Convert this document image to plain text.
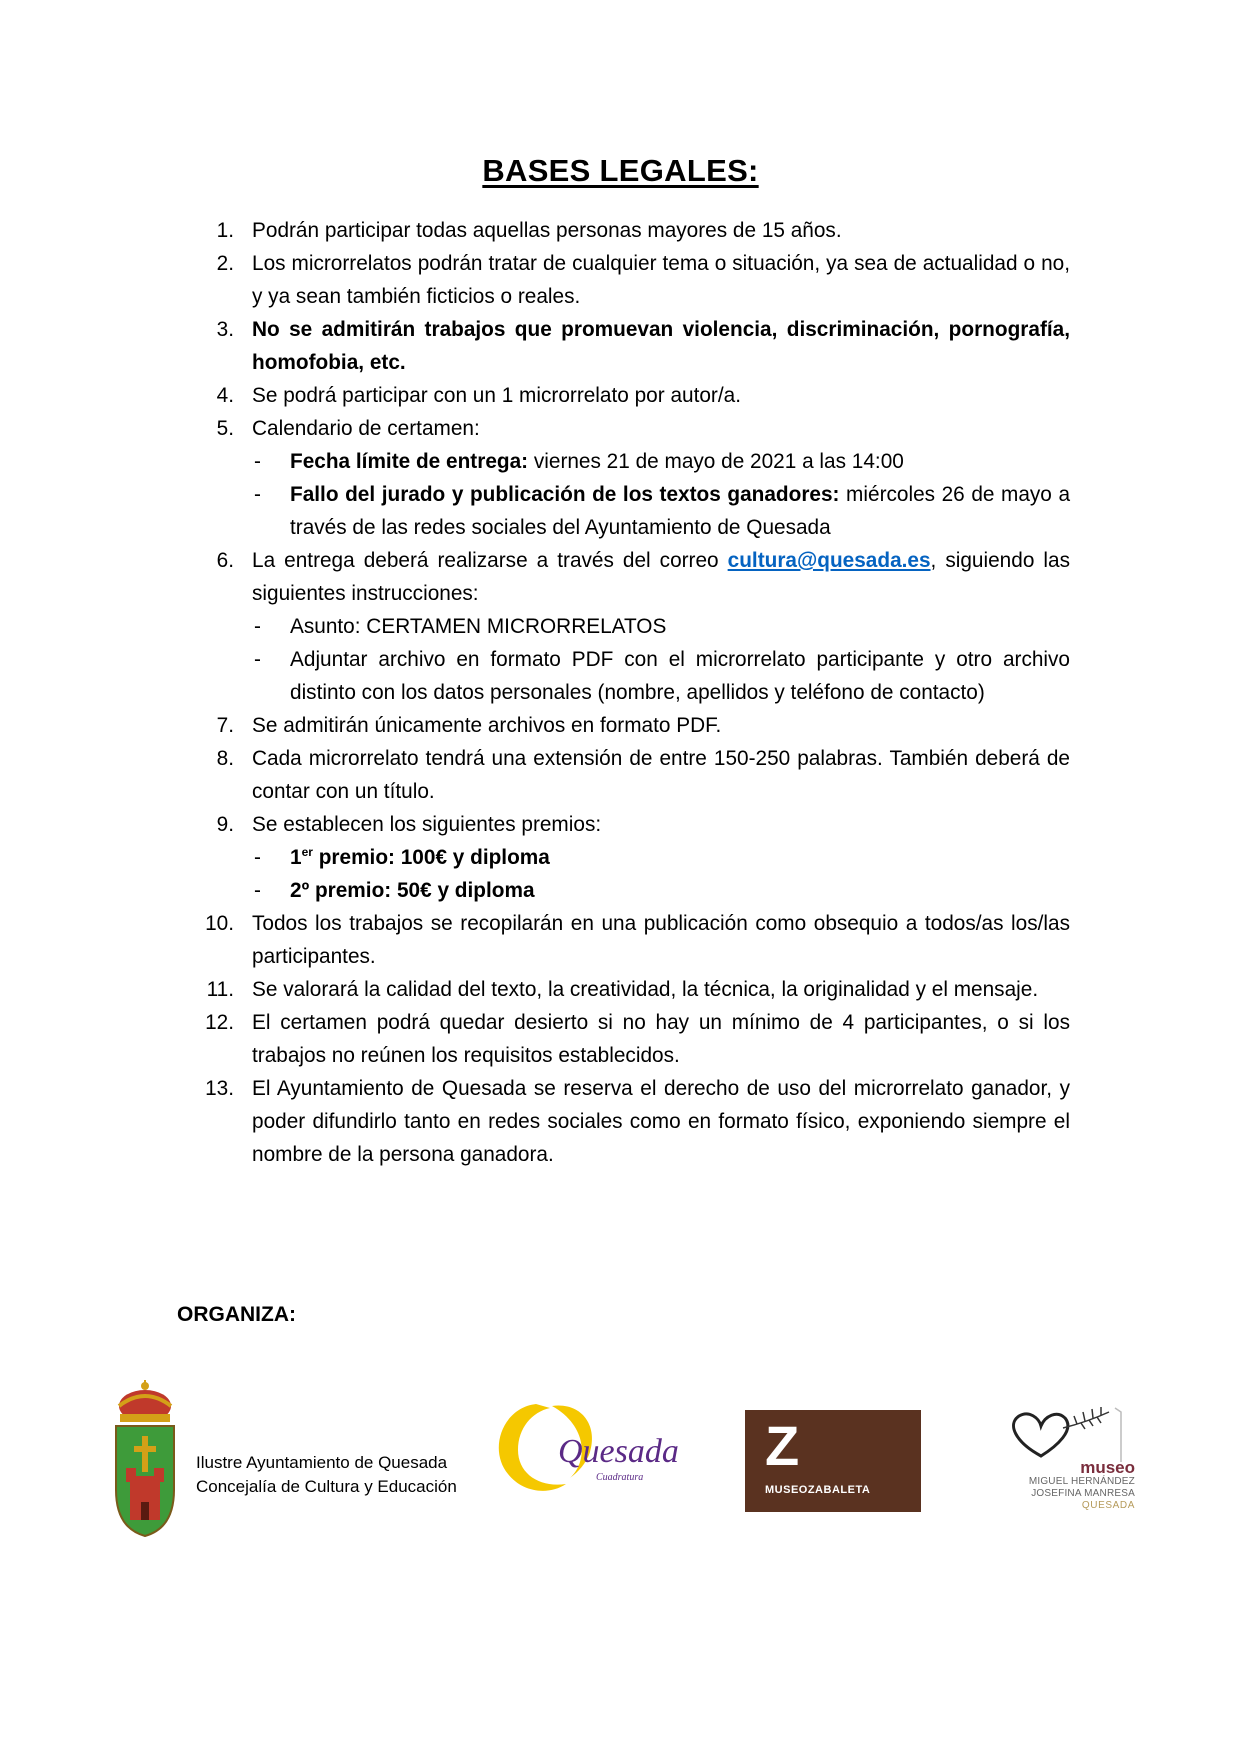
BASES LEGALES:
1. Podrán participar todas aquellas personas mayores de 15 años.
2. Los microrrelatos podrán tratar de cualquier tema o situación, ya sea de actualidad o no, y ya sean también ficticios o reales.
3. No se admitirán trabajos que promuevan violencia, discriminación, pornografía, homofobia, etc.
4. Se podrá participar con un 1 microrrelato por autor/a.
5. Calendario de certamen:
- Fecha límite de entrega: viernes 21 de mayo de 2021 a las 14:00
- Fallo del jurado y publicación de los textos ganadores: miércoles 26 de mayo a través de las redes sociales del Ayuntamiento de Quesada
6. La entrega deberá realizarse a través del correo cultura@quesada.es, siguiendo las siguientes instrucciones:
- Asunto: CERTAMEN MICRORRELATOS
- Adjuntar archivo en formato PDF con el microrrelato participante y otro archivo distinto con los datos personales (nombre, apellidos y teléfono de contacto)
7. Se admitirán únicamente archivos en formato PDF.
8. Cada microrrelato tendrá una extensión de entre 150-250 palabras. También deberá de contar con un título.
9. Se establecen los siguientes premios:
- 1er premio: 100€ y diploma
- 2º premio: 50€ y diploma
10. Todos los trabajos se recopilarán en una publicación como obsequio a todos/as los/las participantes.
11. Se valorará la calidad del texto, la creatividad, la técnica, la originalidad y el mensaje.
12. El certamen podrá quedar desierto si no hay un mínimo de 4 participantes, o si los trabajos no reúnen los requisitos establecidos.
13. El Ayuntamiento de Quesada se reserva el derecho de uso del microrrelato ganador, y poder difundirlo tanto en redes sociales como en formato físico, exponiendo siempre el nombre de la persona ganadora.
ORGANIZA:
Ilustre Ayuntamiento de Quesada
Concejalía de Cultura y Educación
Quesada
Cuadratura
Z
MUSEOZABALETA
museo
MIGUEL HERNÁNDEZ
JOSEFINA MANRESA
QUESADA
